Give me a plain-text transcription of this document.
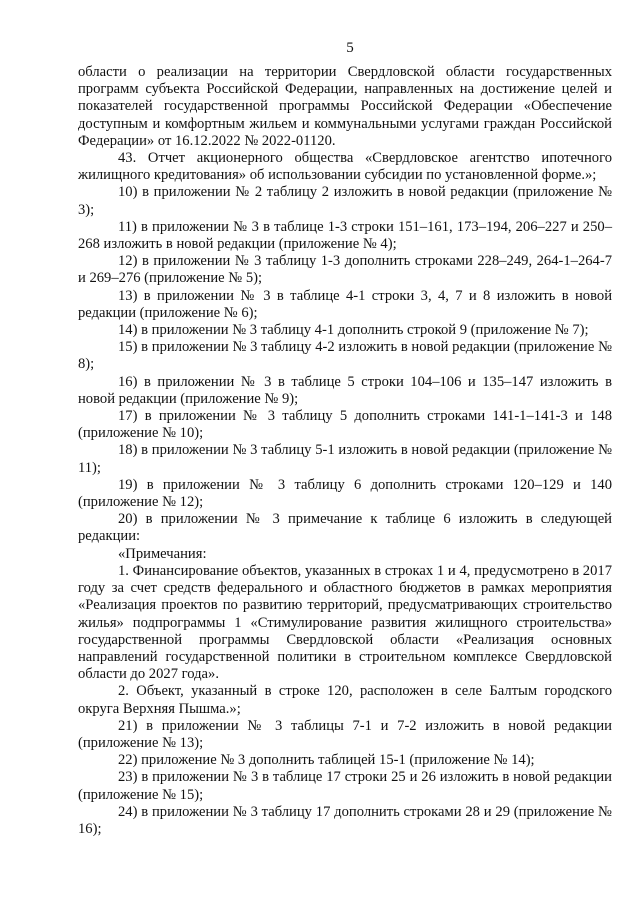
5

области о реализации на территории Свердловской области государственных программ субъекта Российской Федерации, направленных на достижение целей и показателей государственной программы Российской Федерации «Обеспечение доступным и комфортным жильем и коммунальными услугами граждан Российской Федерации» от 16.12.2022 № 2022-01120.

43. Отчет акционерного общества «Свердловское агентство ипотечного жилищного кредитования» об использовании субсидии по установленной форме.»;

10) в приложении № 2 таблицу 2 изложить в новой редакции (приложение № 3);

11) в приложении № 3 в таблице 1-3 строки 151–161, 173–194, 206–227 и 250–268 изложить в новой редакции (приложение № 4);

12) в приложении № 3 таблицу 1-3 дополнить строками 228–249, 264-1–264-7 и 269–276 (приложение № 5);

13) в приложении № 3 в таблице 4-1 строки 3, 4, 7 и 8 изложить в новой редакции (приложение № 6);

14) в приложении № 3 таблицу 4-1 дополнить строкой 9 (приложение № 7);

15) в приложении № 3 таблицу 4-2 изложить в новой редакции (приложение № 8);

16) в приложении № 3 в таблице 5 строки 104–106 и 135–147 изложить в новой редакции (приложение № 9);

17) в приложении № 3 таблицу 5 дополнить строками 141-1–141-3 и 148 (приложение № 10);

18) в приложении № 3 таблицу 5-1 изложить в новой редакции (приложение № 11);

19) в приложении № 3 таблицу 6 дополнить строками 120–129 и 140 (приложение № 12);

20) в приложении № 3 примечание к таблице 6 изложить в следующей редакции:

«Примечания:

1. Финансирование объектов, указанных в строках 1 и 4, предусмотрено в 2017 году за счет средств федерального и областного бюджетов в рамках мероприятия «Реализация проектов по развитию территорий, предусматривающих строительство жилья» подпрограммы 1 «Стимулирование развития жилищного строительства» государственной программы Свердловской области «Реализация основных направлений государственной политики в строительном комплексе Свердловской области до 2027 года».

2. Объект, указанный в строке 120, расположен в селе Балтым городского округа Верхняя Пышма.»;

21) в приложении № 3 таблицы 7-1 и 7-2 изложить в новой редакции (приложение № 13);

22) приложение № 3 дополнить таблицей 15-1 (приложение № 14);

23) в приложении № 3 в таблице 17 строки 25 и 26 изложить в новой редакции (приложение № 15);

24) в приложении № 3 таблицу 17 дополнить строками 28 и 29 (приложение № 16);
